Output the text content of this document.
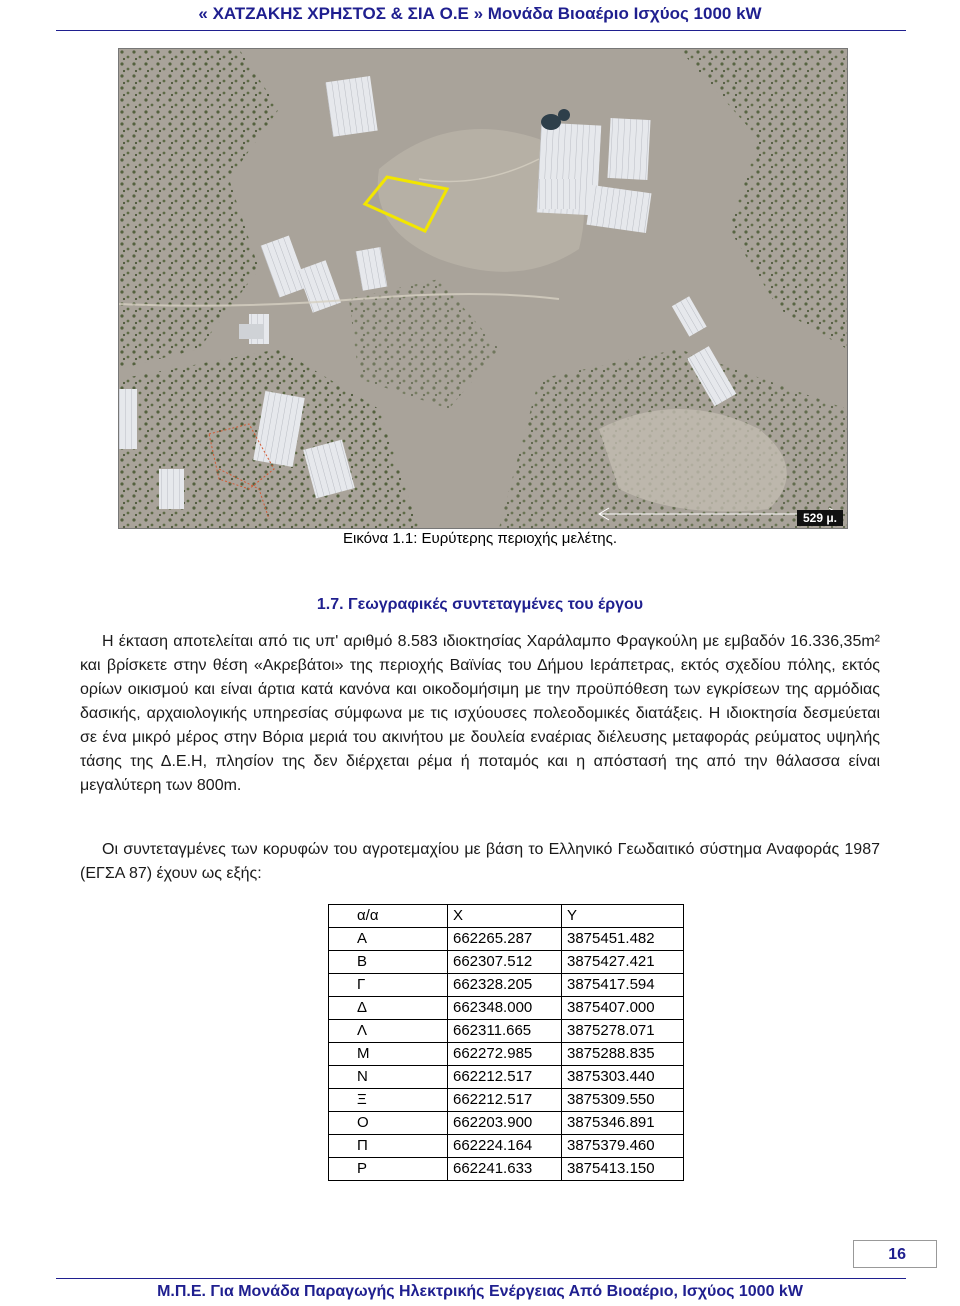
« ΧΑΤΖΑΚΗΣ ΧΡΗΣΤΟΣ & ΣΙΑ Ο.Ε » Μονάδα Βιοαέριο Ισχύος 1000 kW
529 μ.
Εικόνα 1.1: Ευρύτερης περιοχής μελέτης.
1.7. Γεωγραφικές συντεταγμένες του έργου

Η έκταση αποτελείται από τις υπ' αριθμό 8.583 ιδιοκτησίας Χαράλαμπο Φραγκούλη με εμβαδόν 16.336,35m² και βρίσκετε στην θέση «Ακρεβάτοι» της περιοχής Βαϊνίας του Δήμου Ιεράπετρας, εκτός σχεδίου πόλης, εκτός ορίων οικισμού και είναι άρτια κατά κανόνα και οικοδομήσιμη με την προϋπόθεση των εγκρίσεων της αρμόδιας δασικής, αρχαιολογικής υπηρεσίας σύμφωνα με τις ισχύουσες πολεοδομικές διατάξεις. Η ιδιοκτησία δεσμεύεται σε ένα μικρό μέρος στην Βόρια μεριά του ακινήτου με δουλεία εναέριας διέλευσης μεταφοράς ρεύματος υψηλής τάσης της Δ.Ε.Η, πλησίον της δεν διέρχεται ρέμα ή ποταμός και η απόστασή της από την θάλασσα είναι μεγαλύτερη των 800m.

Οι συντεταγμένες των κορυφών του αγροτεμαχίου με βάση το Ελληνικό Γεωδαιτικό σύστημα Αναφοράς 1987 (ΕΓΣΑ 87) έχουν ως εξής:

α/α	Χ	Υ
Α	662265.287	3875451.482
Β	662307.512	3875427.421
Γ	662328.205	3875417.594
Δ	662348.000	3875407.000
Λ	662311.665	3875278.071
Μ	662272.985	3875288.835
Ν	662212.517	3875303.440
Ξ	662212.517	3875309.550
Ο	662203.900	3875346.891
Π	662224.164	3875379.460
Ρ	662241.633	3875413.150
16
Μ.Π.Ε. Για Μονάδα Παραγωγής Ηλεκτρικής Ενέργειας Από Βιοαέριο, Ισχύος 1000 kW
